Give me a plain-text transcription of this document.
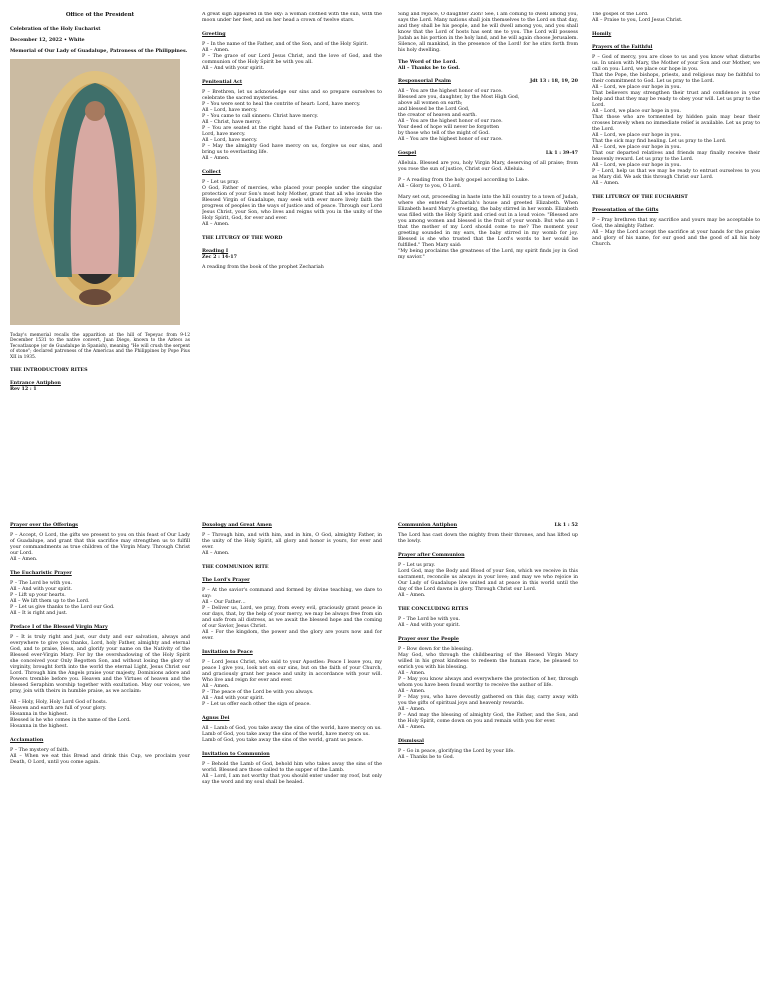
Office of the President

Celebration of the Holy Eucharist

December 12, 2022 • White

Memorial of Our Lady of Guadalupe, Patroness of the Philippines.

Today's memorial recalls the apparition at the hill of Tepeyac from 9-12 December 1531 to the native convert, Juan Diego, known to the Aztecs as Tecoatlaxope (or de Guadalupe in Spanish), meaning "He will crush the serpent of stone"; declared patroness of the Americas and the Philippines by Pope Pius XII in 1935.

THE INTRODUCTORY RITES

Entrance Antiphon

Rev 12 : 1

A great sign appeared in the sky: a woman clothed with the sun, with the moon under her feet, and on her head a crown of twelve stars.

Greeting

P – In the name of the Father, and of the Son, and of the Holy Spirit.
All – Amen.
P – The grace of our Lord Jesus Christ, and the love of God, and the communion of the Holy Spirit be with you all.
All – And with your spirit.

Penitential Act

P – Brethren, let us acknowledge our sins and so prepare ourselves to celebrate the sacred mysteries.
P – You were sent to heal the contrite of heart: Lord, have mercy.
All – Lord, have mercy.
P – You came to call sinners: Christ have mercy.
All – Christ, have mercy.
P – You are seated at the right hand of the Father to intercede for us: Lord, have mercy.
All – Lord, have mercy.
P – May the almighty God have mercy on us, forgive us our sins, and bring us to everlasting life.
All – Amen.

Collect

P – Let us pray.
O God, Father of mercies, who placed your people under the singular protection of your Son's most holy Mother, grant that all who invoke the Blessed Virgin of Guadalupe, may seek with ever more lively faith the progress of peoples in the ways of justice and of peace. Through our Lord Jesus Christ, your Son, who lives and reigns with you in the unity of the Holy Spirit, God, for ever and ever.
All – Amen.

THE LITURGY OF THE WORD

Reading I

Zec 2 : 14-17

A reading from the book of the prophet Zechariah

Sing and rejoice, O daughter Zion! See, I am coming to dwell among you, says the Lord. Many nations shall join themselves to the Lord on that day, and they shall be his people, and he will dwell among you, and you shall know that the Lord of hosts has sent me to you. The Lord will possess Judah as his portion in the holy land, and he will again choose Jerusalem. Silence, all mankind, in the presence of the Lord! for he stirs forth from his holy dwelling.

The Word of the Lord.
All – Thanks be to God.

Responsorial Psalm	Jdt 13 : 18, 19, 20

All – You are the highest honor of our race.
Blessed are you, daughter, by the Most High God,
above all women on earth;
and blessed be the Lord God,
the creator of heaven and earth.
All – You are the highest honor of our race.
Your deed of hope will never be forgotten
by those who tell of the might of God.
All – You are the highest honor of our race.

Gospel	Lk 1 : 39-47

Alleluia. Blessed are you, holy Virgin Mary, deserving of all praise; from you rose the sun of justice, Christ our God. Alleluia.

P – A reading from the holy gospel according to Luke.
All – Glory to you, O Lord.

Mary set out, proceeding in haste into the hill country to a town of Judah, where she entered Zechariah's house and greeted Elizabeth. When Elizabeth heard Mary's greeting, the baby stirred in her womb. Elizabeth was filled with the Holy Spirit and cried out in a loud voice: "Blessed are you among women and blessed is the fruit of your womb. But who am I that the mother of my Lord should come to me? The moment your greeting sounded in my ears, the baby stirred in my womb for joy. Blessed is she who trusted that the Lord's words to her would be fulfilled." Then Mary said:
"My being proclaims the greatness of the Lord, my spirit finds joy in God my savior."

The gospel of the Lord.
All – Praise to you, Lord Jesus Christ.

Homily

Prayers of the Faithful

P – God of mercy, you are close to us and you know what disturbs us. In union with Mary, the Mother of your Son and our Mother, we call on you: Lord, we place our hope in you.
That the Pope, the bishops, priests, and religious may be faithful to their commitment to God. Let us pray to the Lord.
All – Lord, we place our hope in you.
That believers may strengthen their trust and confidence in your help and that they may be ready to obey your will. Let us pray to the Lord.
All – Lord, we place our hope in you.
That those who are tormented by hidden pain may bear their crosses bravely when no immediate relief is available. Let us pray to the Lord.
All – Lord, we place our hope in you.
That the sick may find healing. Let us pray to the Lord.
All – Lord, we place our hope in you.
That our departed relatives and friends may finally receive their heavenly reward. Let us pray to the Lord.
All – Lord, we place our hope in you.
P – Lord, help us that we may be ready to entrust ourselves to you as Mary did. We ask this through Christ our Lord.
All – Amen.

THE LITURGY OF THE EUCHARIST

Presentation of the Gifts

P – Pray brethren that my sacrifice and yours may be acceptable to God, the almighty Father.
All – May the Lord accept the sacrifice at your hands for the praise and glory of his name, for our good and the good of all his holy Church.

Prayer over the Offerings

P – Accept, O Lord, the gifts we present to you on this feast of Our Lady of Guadalupe, and grant that this sacrifice may strengthen us to fulfill your commandments as true children of the Virgin Mary. Through Christ our Lord.
All – Amen.

The Eucharistic Prayer

P – The Lord be with you.
All – And with your spirit.
P – Lift up your hearts.
All – We lift them up to the Lord.
P – Let us give thanks to the Lord our God.
All – It is right and just.

Preface I of the Blessed Virgin Mary

P – It is truly right and just, our duty and our salvation, always and everywhere to give you thanks, Lord, holy Father, almighty and eternal God, and to praise, bless, and glorify your name on the Nativity of the Blessed ever-Virgin Mary. For by the overshadowing of the Holy Spirit she conceived your Only Begotten Son, and without losing the glory of virginity, brought forth into the world the eternal Light, Jesus Christ our Lord. Through him the Angels praise your majesty, Dominions adore and Powers tremble before you. Heaven and the Virtues of heaven and the blessed Seraphim worship together with exultation. May our voices, we pray, join with theirs in humble praise, as we acclaim:

All – Holy, Holy, Holy Lord God of hosts.
Heaven and earth are full of your glory.
Hosanna in the highest.
Blessed is he who comes in the name of the Lord.
Hosanna in the highest.

Acclamation

P – The mystery of faith.
All – When we eat this Bread and drink this Cup, we proclaim your Death, O Lord, until you come again.

Doxology and Great Amen

P – Through him, and with him, and in him, O God, almighty Father, in the unity of the Holy Spirit, all glory and honor is yours, for ever and ever.
All – Amen.

THE COMMUNION RITE

The Lord's Prayer

P – At the savior's command and formed by divine teaching, we dare to say:
All – Our Father…
P – Deliver us, Lord, we pray, from every evil, graciously grant peace in our days, that, by the help of your mercy, we may be always free from sin and safe from all distress, as we await the blessed hope and the coming of our Savior, Jesus Christ.
All – For the kingdom, the power and the glory are yours now and for ever.

Invitation to Peace

P – Lord Jesus Christ, who said to your Apostles: Peace I leave you, my peace I give you, look not on our sins, but on the faith of your Church, and graciously grant her peace and unity in accordance with your will. Who live and reign for ever and ever.
All – Amen.
P – The peace of the Lord be with you always.
All – And with your spirit.
P – Let us offer each other the sign of peace.

Agnus Dei

All – Lamb of God, you take away the sins of the world, have mercy on us.
Lamb of God, you take away the sins of the world, have mercy on us.
Lamb of God, you take away the sins of the world, grant us peace.

Invitation to Communion

P – Behold the Lamb of God, behold him who takes away the sins of the world. Blessed are those called to the supper of the Lamb.
All – Lord, I am not worthy that you should enter under my roof, but only say the word and my soul shall be healed.

Communion Antiphon	Lk 1 : 52

The Lord has cast down the mighty from their thrones, and has lifted up the lowly.

Prayer after Communion

P – Let us pray.
Lord God, may the Body and Blood of your Son, which we receive in this sacrament, reconcile us always in your love; and may we who rejoice in Our Lady of Guadalupe live united and at peace in this world until the day of the Lord dawns in glory. Through Christ our Lord.
All – Amen.

THE CONCLUDING RITES

P – The Lord be with you.
All – And with your spirit.

Prayer over the People

P – Bow down for the blessing.
May God, who through the childbearing of the Blessed Virgin Mary willed in his great kindness to redeem the human race, be pleased to enrich you with his blessing.
All – Amen.
P – May you know always and everywhere the protection of her, through whom you have been found worthy to receive the author of life.
All – Amen.
P – May you, who have devoutly gathered on this day, carry away with you the gifts of spiritual joys and heavenly rewards.
All – Amen.
P – And may the blessing of almighty God, the Father, and the Son, and the Holy Spirit, come down on you and remain with you for ever.
All – Amen.

Dismissal

P – Go in peace, glorifying the Lord by your life.
All – Thanks be to God.
